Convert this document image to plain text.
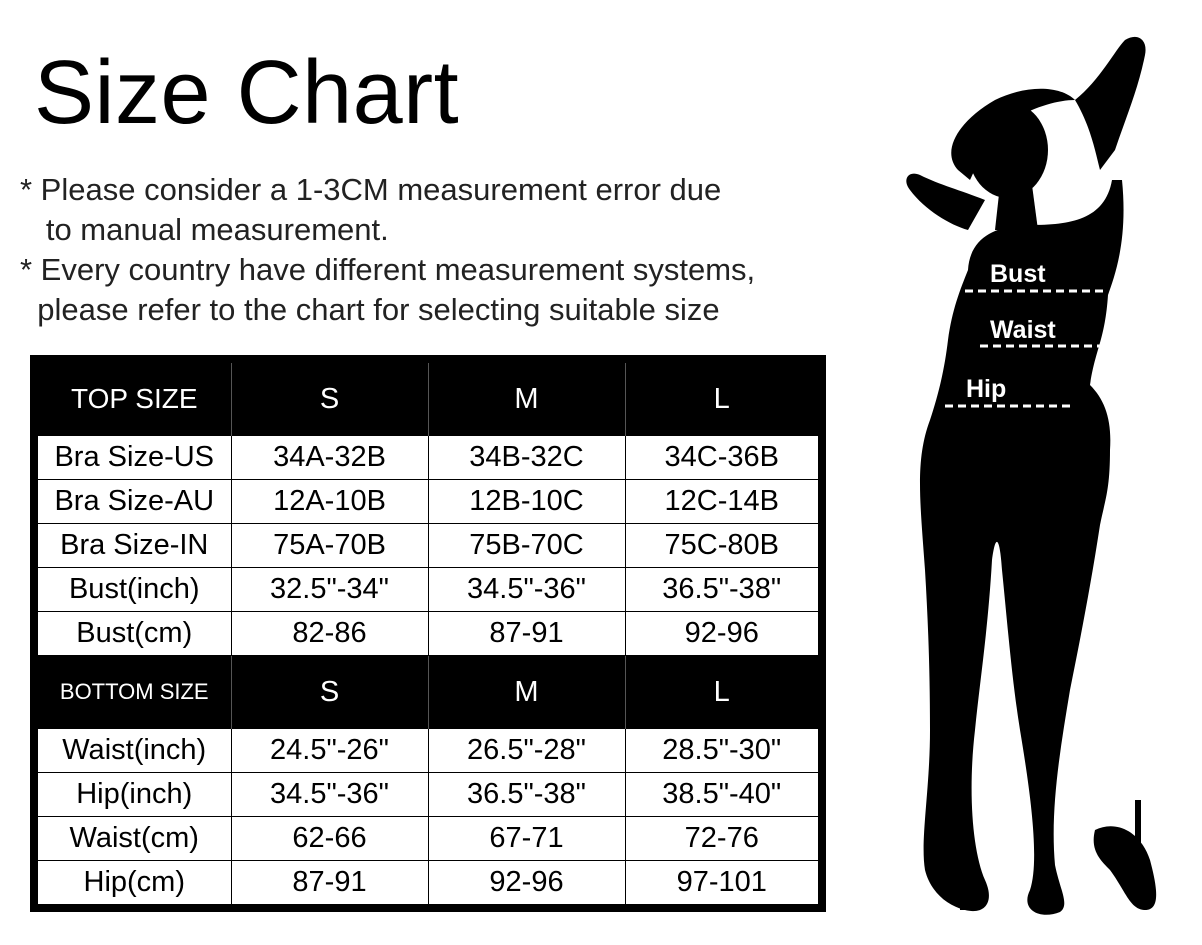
Size Chart
* Please consider a 1-3CM measurement error due
to manual measurement.
* Every country have different measurement systems,
please refer to the chart for selecting suitable size
TOP SIZE	S	M	L
Bra Size-US	34A-32B	34B-32C	34C-36B
Bra Size-AU	12A-10B	12B-10C	12C-14B
Bra Size-IN	75A-70B	75B-70C	75C-80B
Bust(inch)	32.5"-34"	34.5"-36"	36.5"-38"
Bust(cm)	82-86	87-91	92-96
BOTTOM SIZE	S	M	L
Waist(inch)	24.5"-26"	26.5"-28"	28.5"-30"
Hip(inch)	34.5"-36"	36.5"-38"	38.5"-40"
Waist(cm)	62-66	67-71	72-76
Hip(cm)	87-91	92-96	97-101
Bust
Waist
Hip
